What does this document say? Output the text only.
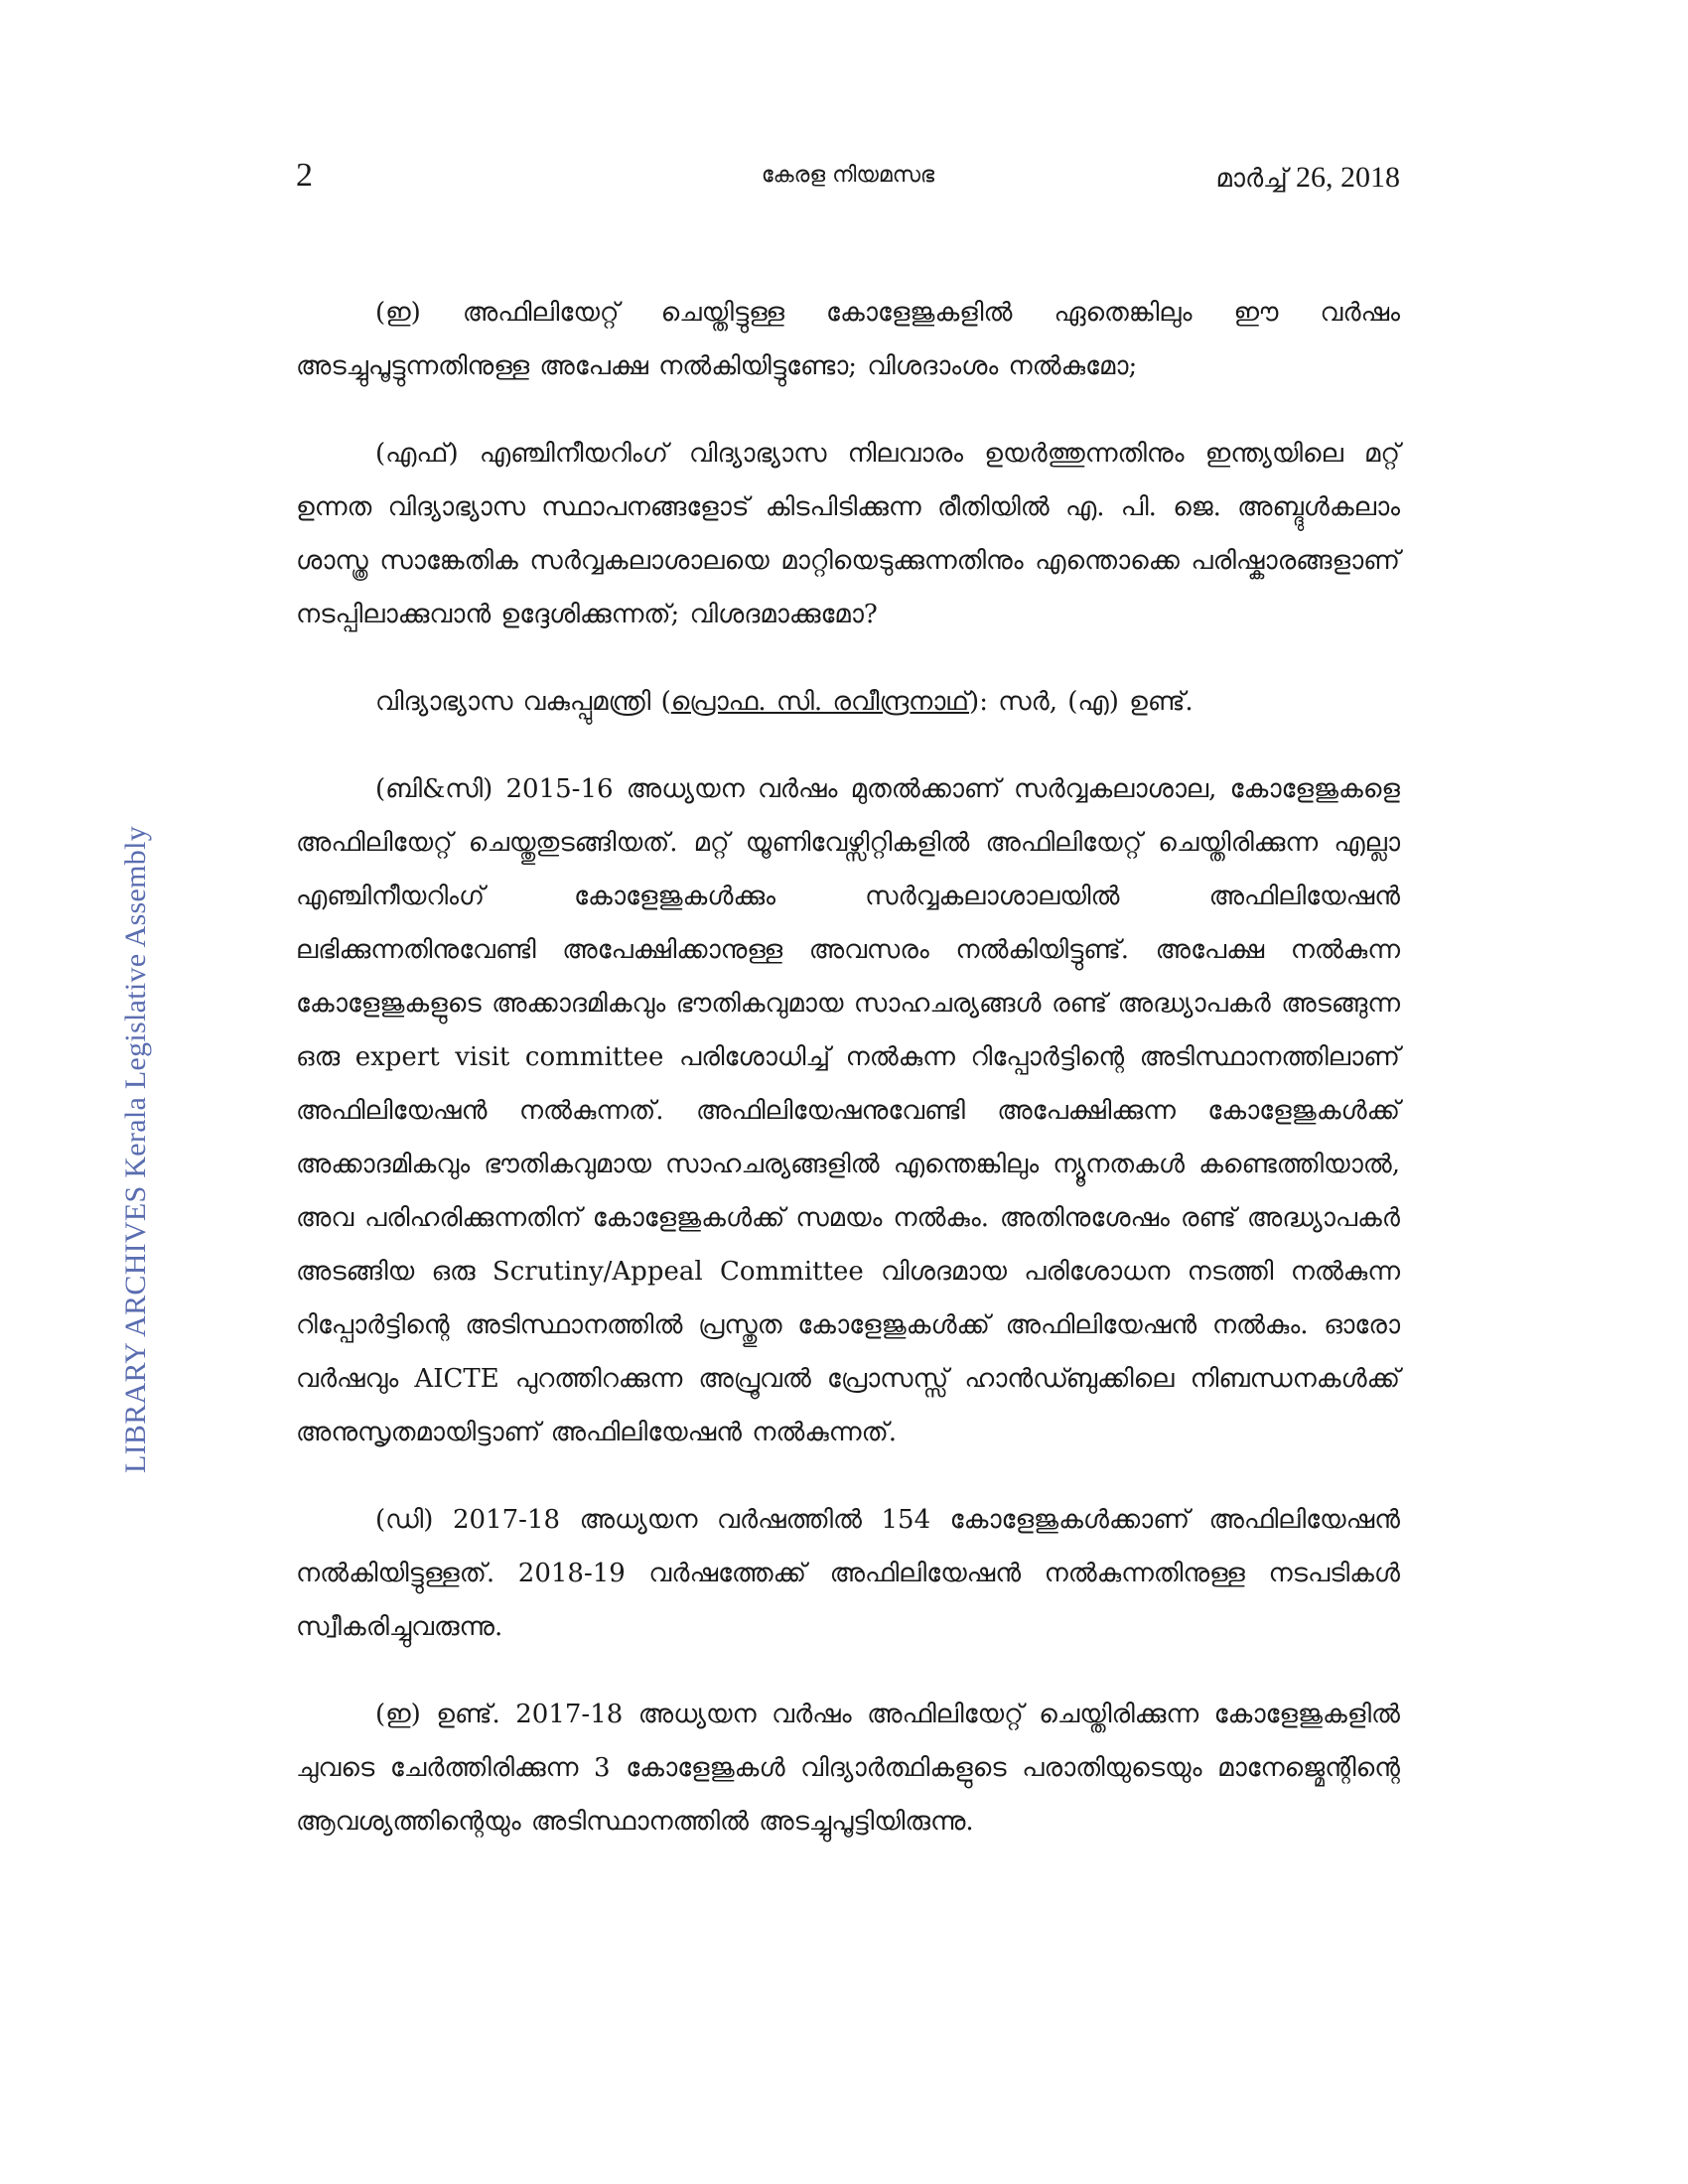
2	കേരള നിയമസഭ	മാർച്ച് 26, 2018
LIBRARY ARCHIVES Kerala Legislative Assembly

(ഇ) അഫിലിയേറ്റ് ചെയ്തിട്ടുള്ള കോളേജുകളിൽ ഏതെങ്കിലും ഈ വർഷം അടച്ചുപൂട്ടുന്നതിനുള്ള അപേക്ഷ നൽകിയിട്ടുണ്ടോ; വിശദാംശം നൽകുമോ;

(എഫ്) എഞ്ചിനീയറിംഗ് വിദ്യാഭ്യാസ നിലവാരം ഉയർത്തുന്നതിനും ഇന്ത്യയിലെ മറ്റ് ഉന്നത വിദ്യാഭ്യാസ സ്ഥാപനങ്ങളോട് കിടപിടിക്കുന്ന രീതിയിൽ എ. പി. ജെ. അബ്ദുൾകലാം ശാസ്ത്ര സാങ്കേതിക സർവ്വകലാശാലയെ മാറ്റിയെടുക്കുന്നതിനും എന്തൊക്കെ പരിഷ്കാരങ്ങളാണ് നടപ്പിലാക്കുവാൻ ഉദ്ദേശിക്കുന്നത്; വിശദമാക്കുമോ?

വിദ്യാഭ്യാസ വകുപ്പുമന്ത്രി (പ്രൊഫ. സി. രവീന്ദ്രനാഥ്): സർ, (എ) ഉണ്ട്.

(ബി&സി) 2015-16 അധ്യയന വർഷം മുതൽക്കാണ് സർവ്വകലാശാല, കോളേജുകളെ അഫിലിയേറ്റ് ചെയ്തുതുടങ്ങിയത്. മറ്റ് യൂണിവേഴ്സിറ്റികളിൽ അഫിലിയേറ്റ് ചെയ്തിരിക്കുന്ന എല്ലാ എഞ്ചിനീയറിംഗ് കോളേജുകൾക്കും സർവ്വകലാശാലയിൽ അഫിലിയേഷൻ ലഭിക്കുന്നതിനുവേണ്ടി അപേക്ഷിക്കാനുള്ള അവസരം നൽകിയിട്ടുണ്ട്. അപേക്ഷ നൽകുന്ന കോളേജുകളുടെ അക്കാദമികവും ഭൗതികവുമായ സാഹചര്യങ്ങൾ രണ്ട് അദ്ധ്യാപകർ അടങ്ങുന്ന ഒരു expert visit committee പരിശോധിച്ച് നൽകുന്ന റിപ്പോർട്ടിന്റെ അടിസ്ഥാനത്തിലാണ് അഫിലിയേഷൻ നൽകുന്നത്. അഫിലിയേഷനുവേണ്ടി അപേക്ഷിക്കുന്ന കോളേജുകൾക്ക് അക്കാദമികവും ഭൗതികവുമായ സാഹചര്യങ്ങളിൽ എന്തെങ്കിലും ന്യൂനതകൾ കണ്ടെത്തിയാൽ, അവ പരിഹരിക്കുന്നതിന് കോളേജുകൾക്ക് സമയം നൽകും. അതിനുശേഷം രണ്ട് അദ്ധ്യാപകർ അടങ്ങിയ ഒരു Scrutiny/Appeal Committee വിശദമായ പരിശോധന നടത്തി നൽകുന്ന റിപ്പോർട്ടിന്റെ അടിസ്ഥാനത്തിൽ പ്രസ്തുത കോളേജുകൾക്ക് അഫിലിയേഷൻ നൽകും. ഓരോ വർഷവും AICTE പുറത്തിറക്കുന്ന അപ്രൂവൽ പ്രോസസ്സ് ഹാൻഡ്ബുക്കിലെ നിബന്ധനകൾക്ക് അനുസൃതമായിട്ടാണ് അഫിലിയേഷൻ നൽകുന്നത്.

(ഡി) 2017-18 അധ്യയന വർഷത്തിൽ 154 കോളേജുകൾക്കാണ് അഫിലിയേഷൻ നൽകിയിട്ടുള്ളത്. 2018-19 വർഷത്തേക്ക് അഫിലിയേഷൻ നൽകുന്നതിനുള്ള നടപടികൾ സ്വീകരിച്ചുവരുന്നു.

(ഇ) ഉണ്ട്. 2017-18 അധ്യയന വർഷം അഫിലിയേറ്റ് ചെയ്തിരിക്കുന്ന കോളേജുകളിൽ ചുവടെ ചേർത്തിരിക്കുന്ന 3 കോളേജുകൾ വിദ്യാർത്ഥികളുടെ പരാതിയുടെയും മാനേജ്മെന്റിന്റെ ആവശ്യത്തിന്റെയും അടിസ്ഥാനത്തിൽ അടച്ചുപൂട്ടിയിരുന്നു.
